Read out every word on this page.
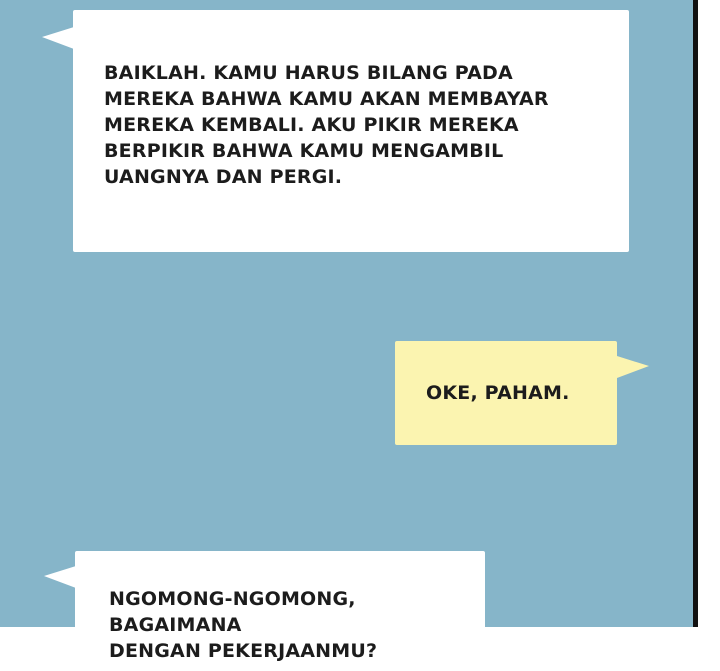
BAIKLAH. KAMU HARUS BILANG PADA
MEREKA BAHWA KAMU AKAN MEMBAYAR
MEREKA KEMBALI. AKU PIKIR MEREKA
BERPIKIR BAHWA KAMU MENGAMBIL
UANGNYA DAN PERGI.
OKE, PAHAM.
NGOMONG-NGOMONG, BAGAIMANA
DENGAN PEKERJAANMU?
